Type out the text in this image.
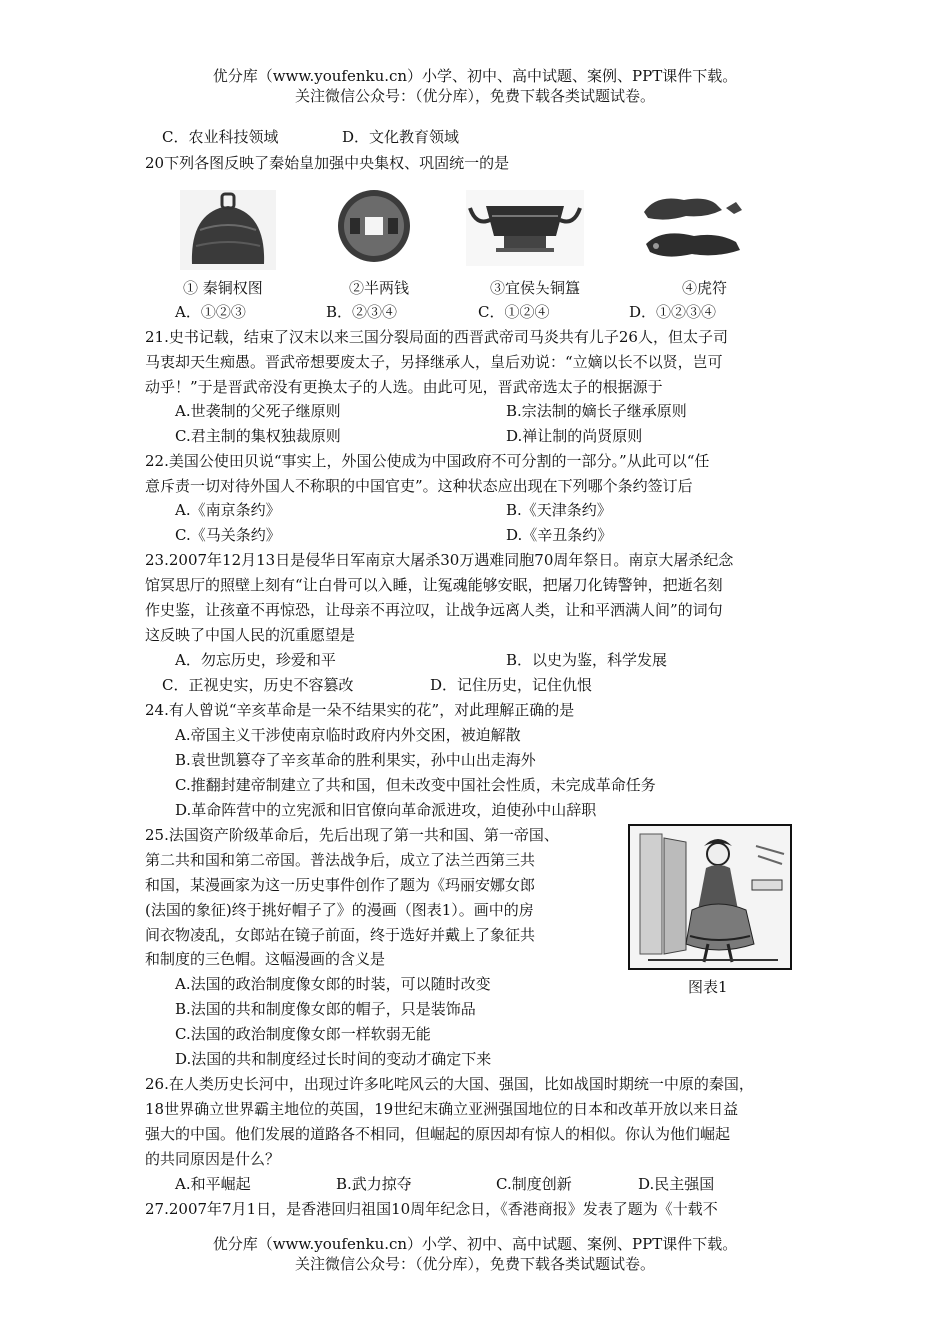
优分库（www.youfenku.cn）小学、初中、高中试题、案例、PPT课件下载。
关注微信公众号：（优分库），免费下载各类试题试卷。
C．农业科技领域	D．文化教育领域
20下列各图反映了秦始皇加强中央集权、巩固统一的是
① 秦铜权图	②半两钱	③宜侯夨铜簋	④虎符
A．①②③	B．②③④	C．①②④	D．①②③④
21.史书记载，结束了汉末以来三国分裂局面的西晋武帝司马炎共有儿子26人，但太子司
马衷却天生痴愚。晋武帝想要废太子，另择继承人，皇后劝说：“立嫡以长不以贤，岂可
动乎！”于是晋武帝没有更换太子的人选。由此可见，晋武帝选太子的根据源于
A.世袭制的父死子继原则	B.宗法制的嫡长子继承原则
C.君主制的集权独裁原则	D.禅让制的尚贤原则
22.美国公使田贝说“事实上，外国公使成为中国政府不可分割的一部分。”从此可以“任
意斥责一切对待外国人不称职的中国官吏”。这种状态应出现在下列哪个条约签订后
A.《南京条约》	B.《天津条约》
C.《马关条约》	D.《辛丑条约》
23.2007年12月13日是侵华日军南京大屠杀30万遇难同胞70周年祭日。南京大屠杀纪念
馆冥思厅的照壁上刻有“让白骨可以入睡，让冤魂能够安眠，把屠刀化铸警钟，把逝名刻
作史鉴，让孩童不再惊恐，让母亲不再泣叹，让战争远离人类，让和平洒满人间”的词句
这反映了中国人民的沉重愿望是
A．勿忘历史，珍爱和平	B．以史为鉴，科学发展
C．正视史实，历史不容篡改	D．记住历史，记住仇恨
24.有人曾说“辛亥革命是一朵不结果实的花”，对此理解正确的是
A.帝国主义干涉使南京临时政府内外交困，被迫解散
B.袁世凯篡夺了辛亥革命的胜利果实，孙中山出走海外
C.推翻封建帝制建立了共和国，但未改变中国社会性质，未完成革命任务
D.革命阵营中的立宪派和旧官僚向革命派进攻，迫使孙中山辞职
25.法国资产阶级革命后，先后出现了第一共和国、第一帝国、
第二共和国和第二帝国。普法战争后，成立了法兰西第三共
和国，某漫画家为这一历史事件创作了题为《玛丽安娜女郎
(法国的象征)终于挑好帽子了》的漫画（图表1）。画中的房
间衣物凌乱，女郎站在镜子前面，终于选好并戴上了象征共
和制度的三色帽。这幅漫画的含义是
A.法国的政治制度像女郎的时装，可以随时改变
B.法国的共和制度像女郎的帽子，只是装饰品
C.法国的政治制度像女郎一样软弱无能
D.法国的共和制度经过长时间的变动才确定下来
图表1
26.在人类历史长河中，出现过许多叱咤风云的大国、强国，比如战国时期统一中原的秦国，
18世界确立世界霸主地位的英国，19世纪末确立亚洲强国地位的日本和改革开放以来日益
强大的中国。他们发展的道路各不相同，但崛起的原因却有惊人的相似。你认为他们崛起
的共同原因是什么？
A.和平崛起	B.武力掠夺	C.制度创新	D.民主强国
27.2007年7月1日，是香港回归祖国10周年纪念日，《香港商报》发表了题为《十载不
优分库（www.youfenku.cn）小学、初中、高中试题、案例、PPT课件下载。
关注微信公众号：（优分库），免费下载各类试题试卷。
